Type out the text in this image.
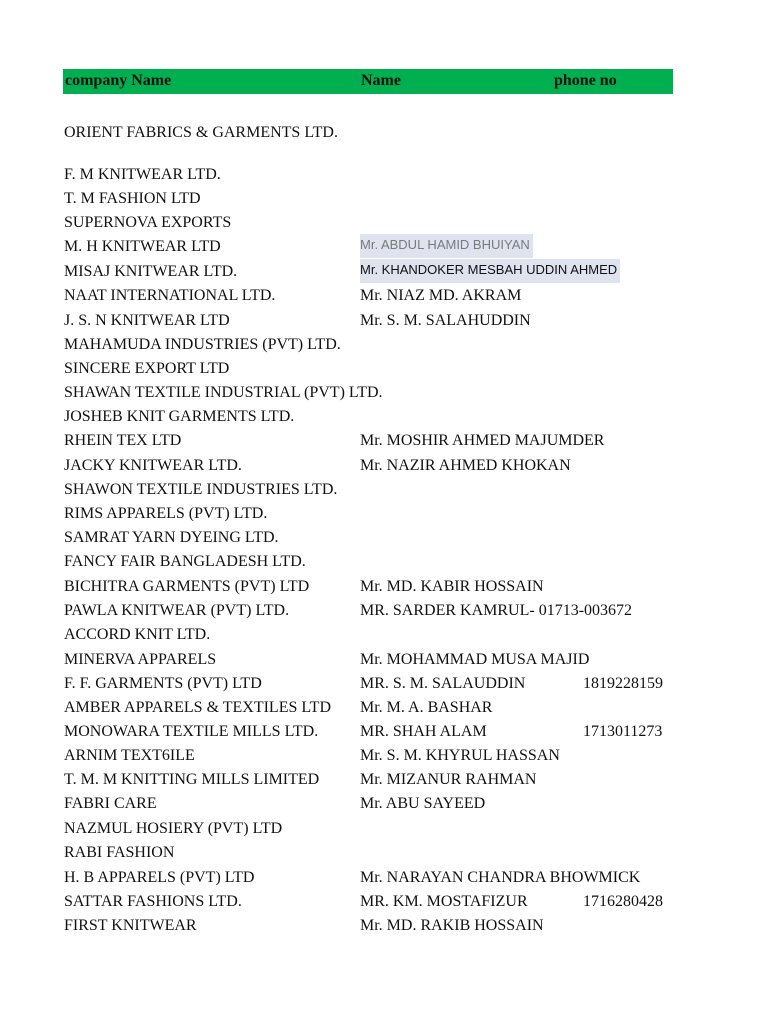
company Name	Name	phone no
ORIENT FABRICS & GARMENTS LTD.
F. M KNITWEAR LTD.
T. M FASHION LTD
SUPERNOVA EXPORTS
M. H KNITWEAR LTD	Mr. ABDUL HAMID BHUIYAN
MISAJ KNITWEAR LTD.	Mr. KHANDOKER MESBAH UDDIN AHMED
NAAT INTERNATIONAL LTD.	Mr. NIAZ MD. AKRAM
J. S. N KNITWEAR LTD	Mr. S. M. SALAHUDDIN
MAHAMUDA INDUSTRIES (PVT) LTD.
SINCERE EXPORT LTD
SHAWAN TEXTILE INDUSTRIAL (PVT) LTD.
JOSHEB KNIT GARMENTS LTD.
RHEIN TEX LTD	Mr. MOSHIR AHMED MAJUMDER
JACKY KNITWEAR LTD.	Mr. NAZIR AHMED KHOKAN
SHAWON TEXTILE INDUSTRIES LTD.
RIMS APPARELS (PVT) LTD.
SAMRAT YARN DYEING LTD.
FANCY FAIR BANGLADESH LTD.
BICHITRA GARMENTS (PVT) LTD	Mr. MD. KABIR HOSSAIN
PAWLA KNITWEAR (PVT) LTD.	MR. SARDER KAMRUL- 01713-003672
ACCORD KNIT LTD.
MINERVA APPARELS	Mr. MOHAMMAD MUSA MAJID
F. F. GARMENTS (PVT) LTD	MR. S. M. SALAUDDIN	1819228159
AMBER APPARELS & TEXTILES LTD Mr. M. A. BASHAR
MONOWARA TEXTILE MILLS LTD.	MR. SHAH ALAM	1713011273
ARNIM TEXT6ILE	Mr. S. M. KHYRUL HASSAN
T. M. M KNITTING MILLS LIMITED	Mr. MIZANUR RAHMAN
FABRI CARE	Mr. ABU SAYEED
NAZMUL HOSIERY (PVT) LTD
RABI FASHION
H. B APPARELS (PVT) LTD	Mr. NARAYAN CHANDRA BHOWMICK
SATTAR FASHIONS LTD.	MR. KM. MOSTAFIZUR	1716280428
FIRST KNITWEAR	Mr. MD. RAKIB HOSSAIN
